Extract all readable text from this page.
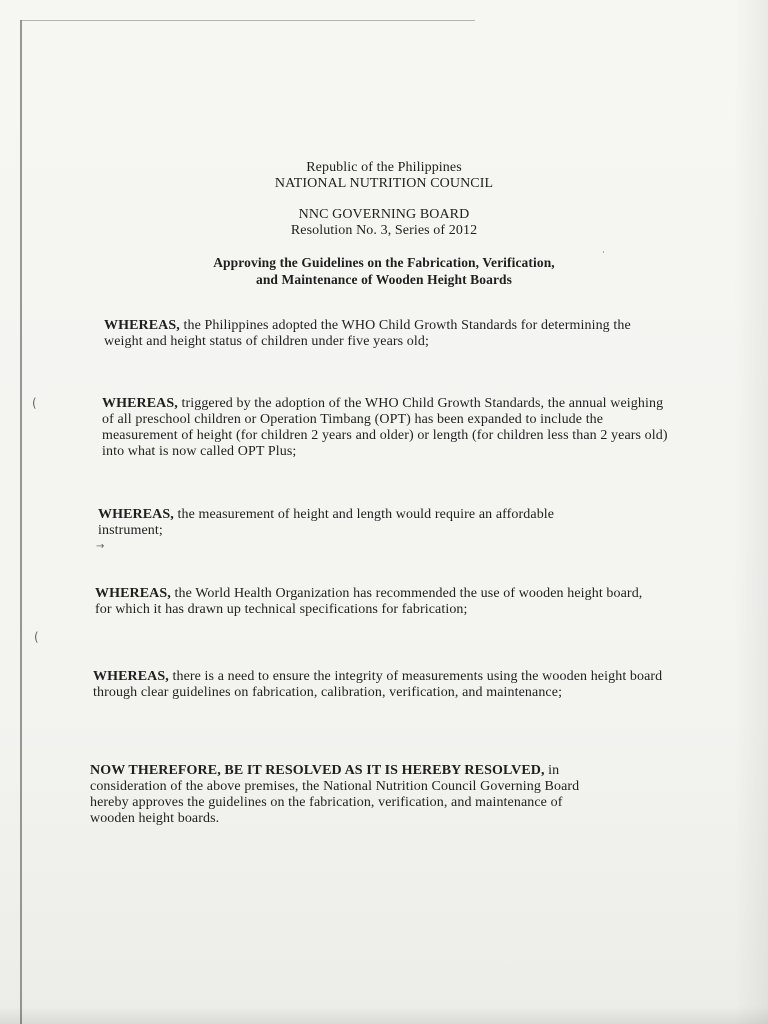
Republic of the Philippines
NATIONAL NUTRITION COUNCIL
NNC GOVERNING BOARD
Resolution No. 3, Series of 2012
Approving the Guidelines on the Fabrication, Verification,
and Maintenance of Wooden Height Boards
WHEREAS, the Philippines adopted the WHO Child Growth Standards for determining the weight and height status of children under five years old;
WHEREAS, triggered by the adoption of the WHO Child Growth Standards, the annual weighing of all preschool children or Operation Timbang (OPT) has been expanded to include the measurement of height (for children 2 years and older) or length (for children less than 2 years old) into what is now called OPT Plus;
WHEREAS, the measurement of height and length would require an affordable instrument;
WHEREAS, the World Health Organization has recommended the use of wooden height board, for which it has drawn up technical specifications for fabrication;
WHEREAS, there is a need to ensure the integrity of measurements using the wooden height board through clear guidelines on fabrication, calibration, verification, and maintenance;
NOW THEREFORE, BE IT RESOLVED AS IT IS HEREBY RESOLVED, in consideration of the above premises, the National Nutrition Council Governing Board hereby approves the guidelines on the fabrication, verification, and maintenance of wooden height boards.
(
→
(
·
